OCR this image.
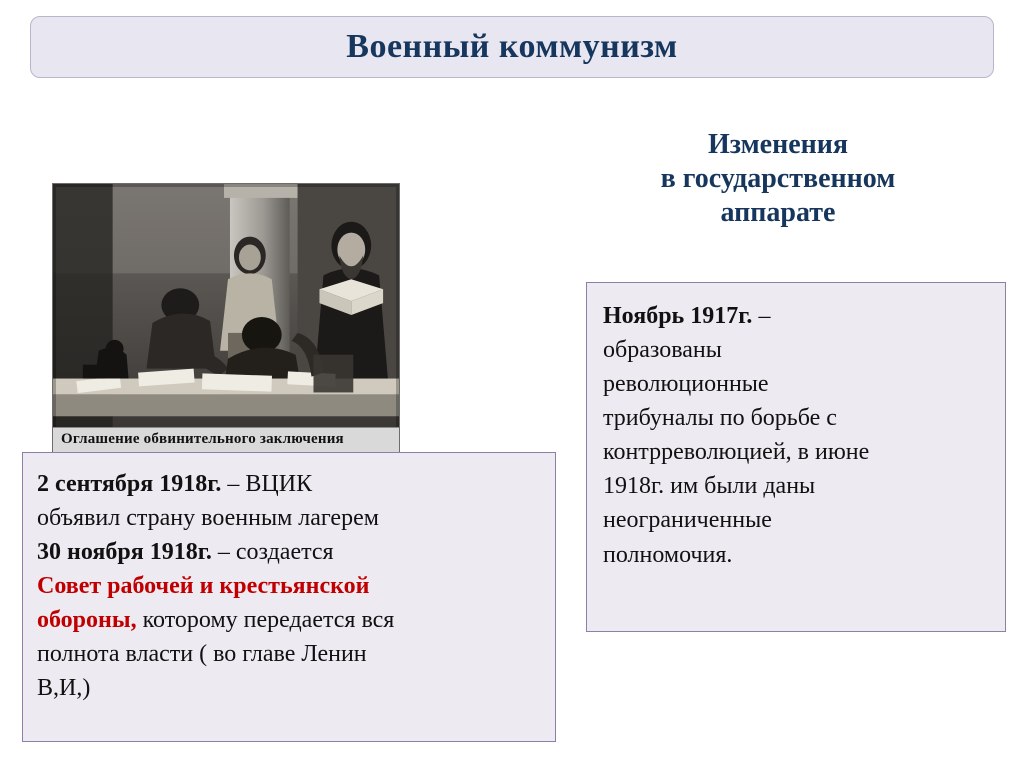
Военный коммунизм
Изменения
в государственном
аппарате
Оглашение обвинительного заключения

2 сентября 1918г. – ВЦИК
объявил страну военным лагерем
30 ноября 1918г. – создается
Совет рабочей и крестьянской
обороны, которому передается вся
полнота власти ( во главе Ленин
В,И,)

Ноябрь 1917г. –
образованы
революционные
трибуналы по борьбе с
контрреволюцией, в июне
1918г. им были даны
неограниченные
полномочия.
